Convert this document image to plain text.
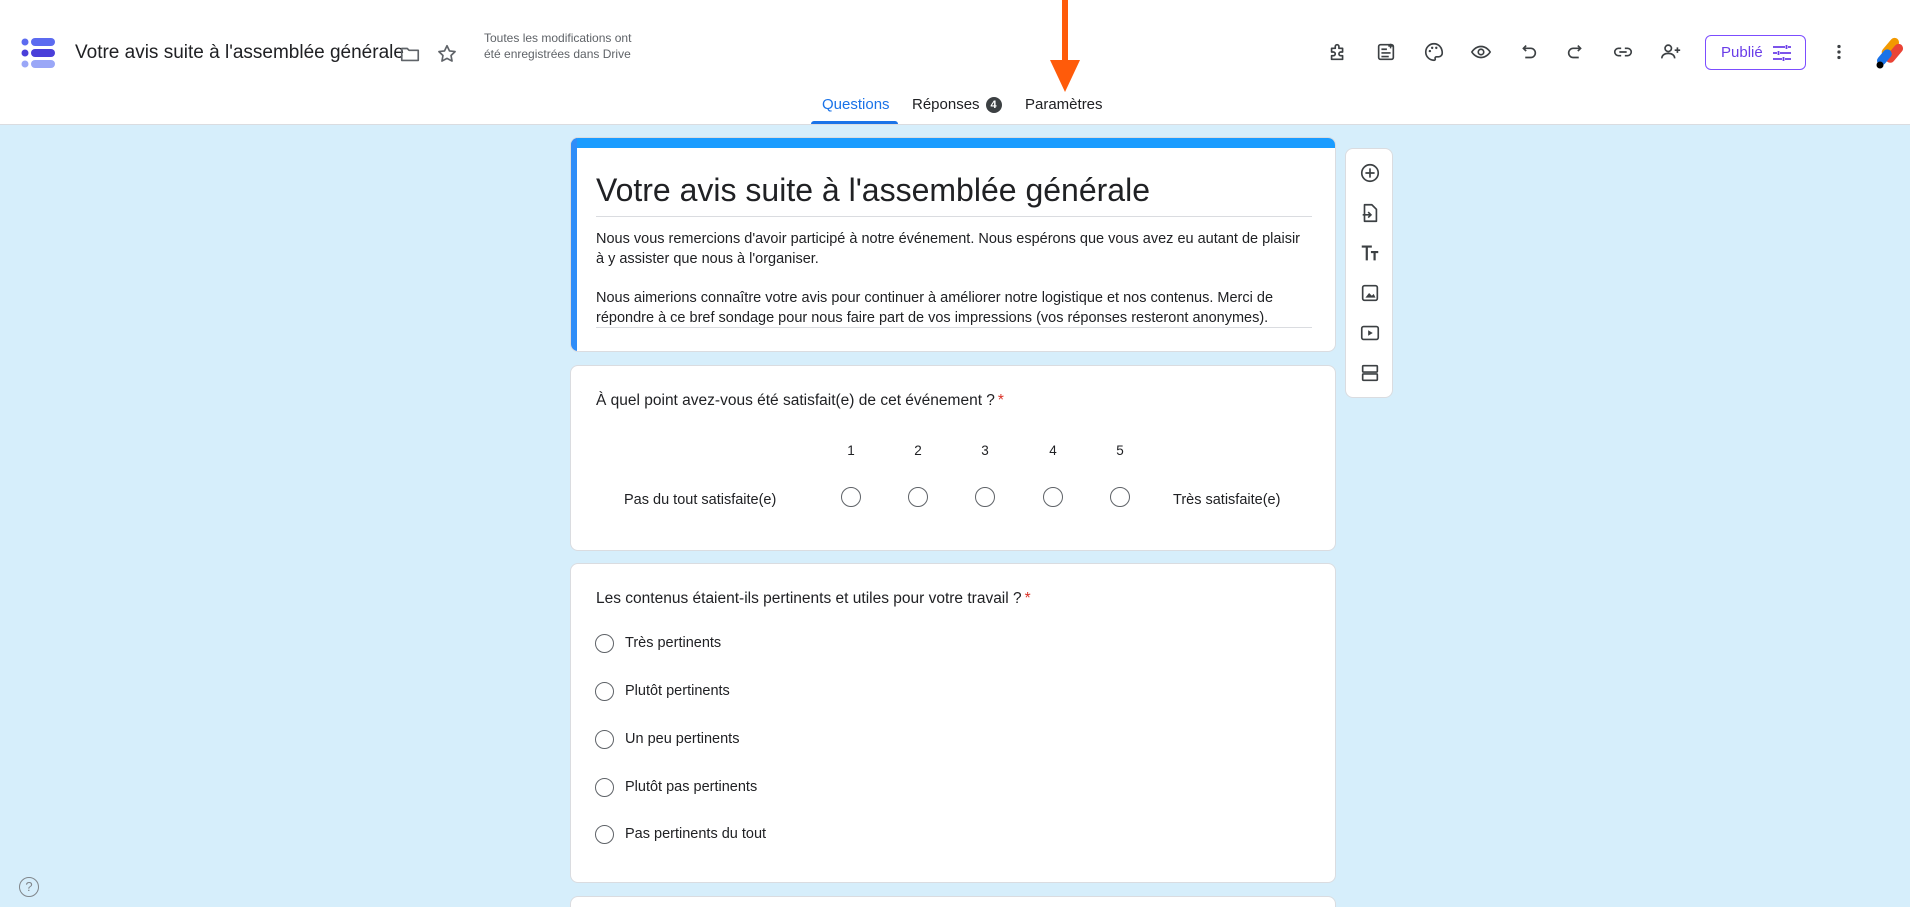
Votre avis suite à l'assemblée générale
Toutes les modifications ont été enregistrées dans Drive	Publié
Questions Réponses 4	Paramètres
Votre avis suite à l'assemblée générale

Nous vous remercions d'avoir participé à notre événement. Nous espérons que vous avez eu autant de plaisir à y assister que nous à l'organiser.

Nous aimerions connaître votre avis pour continuer à améliorer notre logistique et nos contenus. Merci de répondre à ce bref sondage pour nous faire part de vos impressions (vos réponses resteront anonymes).

À quel point avez-vous été satisfait(e) de cet événement ? *
Pas du tout satisfaite(e)
1	2	3	4	5
Très satisfaite(e)
Les contenus étaient-ils pertinents et utiles pour votre travail ? *
Très pertinents
Plutôt pertinents
Un peu pertinents
Plutôt pas pertinents
Pas pertinents du tout
?
